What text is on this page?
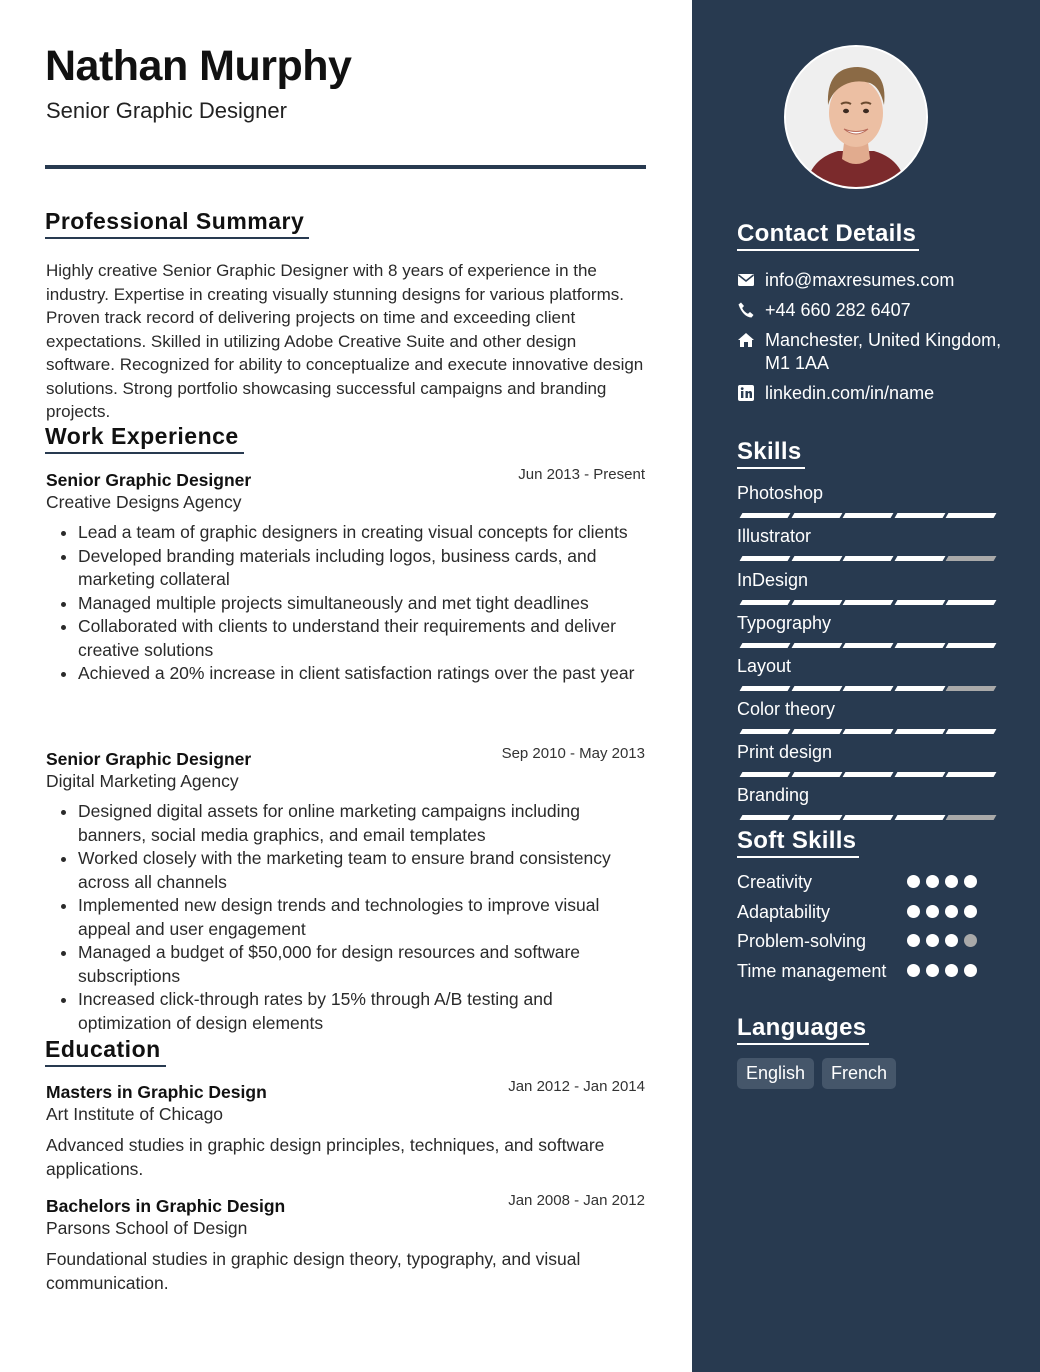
Nathan Murphy
Senior Graphic Designer
Professional Summary

Highly creative Senior Graphic Designer with 8 years of experience in the industry. Expertise in creating visually stunning designs for various platforms. Proven track record of delivering projects on time and exceeding client expectations. Skilled in utilizing Adobe Creative Suite and other design software. Recognized for ability to conceptualize and execute innovative design solutions. Strong portfolio showcasing successful campaigns and branding projects.

Work Experience
Senior Graphic Designer	Jun 2013 - Present
Creative Designs Agency
• Lead a team of graphic designers in creating visual concepts for clients
• Developed branding materials including logos, business cards, and marketing collateral
• Managed multiple projects simultaneously and met tight deadlines
• Collaborated with clients to understand their requirements and deliver creative solutions
• Achieved a 20% increase in client satisfaction ratings over the past year
Senior Graphic Designer	Sep 2010 - May 2013
Digital Marketing Agency
• Designed digital assets for online marketing campaigns including banners, social media graphics, and email templates
• Worked closely with the marketing team to ensure brand consistency across all channels
• Implemented new design trends and technologies to improve visual appeal and user engagement
• Managed a budget of $50,000 for design resources and software subscriptions
• Increased click-through rates by 15% through A/B testing and optimization of design elements
Education
Masters in Graphic Design	Jan 2012 - Jan 2014
Art Institute of Chicago

Advanced studies in graphic design principles, techniques, and software applications.

Bachelors in Graphic Design	Jan 2008 - Jan 2012
Parsons School of Design

Foundational studies in graphic design theory, typography, and visual communication.

Contact Details
info@maxresumes.com
+44 660 282 6407
Manchester, United Kingdom, M1 1AA
linkedin.com/in/name
Skills
Photoshop
Illustrator
InDesign
Typography
Layout
Color theory
Print design
Branding
Soft Skills
Creativity
Adaptability
Problem-solving
Time management
Languages
English	French
